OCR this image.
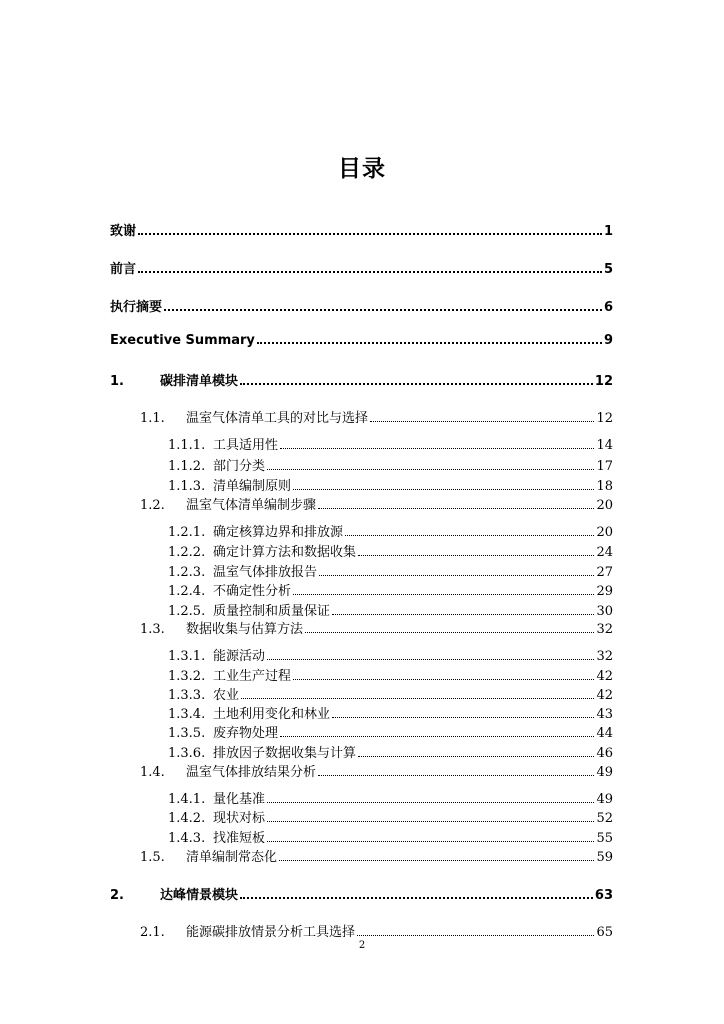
目录
致谢	1
前言	5
执行摘要	6
Executive Summary	9
1.	碳排清单模块	12
1.1.	温室气体清单工具的对比与选择	12
1.1.1. 工具适用性	14
1.1.2. 部门分类	17
1.1.3. 清单编制原则	18
1.2.	温室气体清单编制步骤	20
1.2.1. 确定核算边界和排放源	20
1.2.2. 确定计算方法和数据收集	24
1.2.3. 温室气体排放报告	27
1.2.4. 不确定性分析	29
1.2.5. 质量控制和质量保证	30
1.3.	数据收集与估算方法	32
1.3.1. 能源活动	32
1.3.2. 工业生产过程	42
1.3.3. 农业	42
1.3.4. 土地利用变化和林业	43
1.3.5. 废弃物处理	44
1.3.6. 排放因子数据收集与计算	46
1.4.	温室气体排放结果分析	49
1.4.1. 量化基准	49
1.4.2. 现状对标	52
1.4.3. 找准短板	55
1.5.	清单编制常态化	59
2.	达峰情景模块	63
2.1.	能源碳排放情景分析工具选择	65
2
